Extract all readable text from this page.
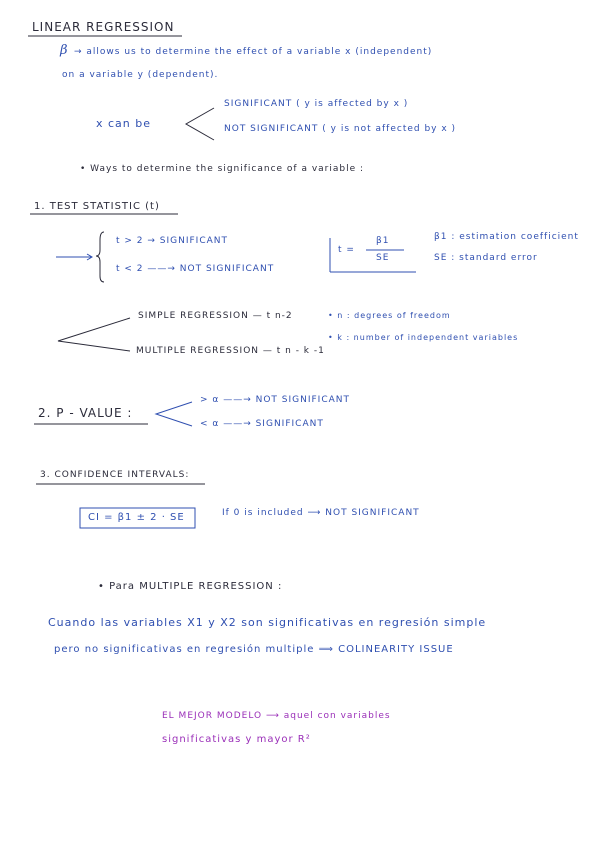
LINEAR REGRESSION
β → allows us to determine the effect of a variable x (independent)
on a variable y (dependent).
x can be
SIGNIFICANT ( y is affected by x )
NOT SIGNIFICANT ( y is not affected by x )
• Ways to determine the significance of a variable :
1. TEST STATISTIC (t)
t > 2 → SIGNIFICANT
t < 2 ——→ NOT SIGNIFICANT
t =
β1
SE
β1 : estimation coefficient
SE : standard error
SIMPLE REGRESSION — t n-2
MULTIPLE REGRESSION — t n - k -1
• n : degrees of freedom
• k : number of independent variables
2. P - VALUE :
> α ——→ NOT SIGNIFICANT
< α ——→ SIGNIFICANT
3. CONFIDENCE INTERVALS:
CI = β1 ± 2 · SE	If 0 is included ⟶ NOT SIGNIFICANT
• Para MULTIPLE REGRESSION :
Cuando las variables X1 y X2 son significativas en regresión simple
pero no significativas en regresión multiple ⟹ COLINEARITY ISSUE
EL MEJOR MODELO ⟶ aquel con variables
significativas y mayor R²
